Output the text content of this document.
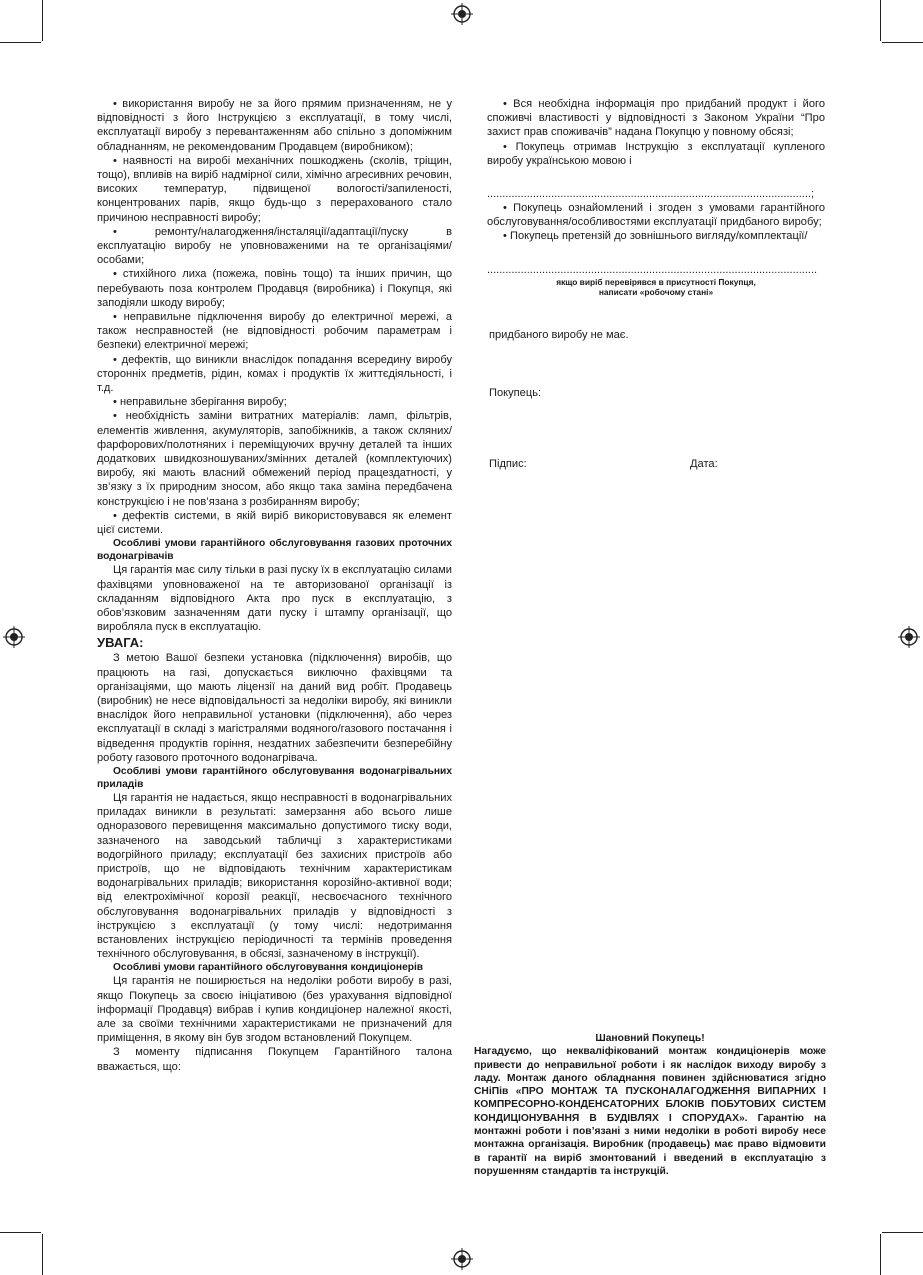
• використання виробу не за його прямим призначенням, не у відповідності з його Інструкцією з експлуатації, в тому числі, експлуатації виробу з перевантаженням або спільно з допоміжним обладнанням, не рекомендованим Продавцем (виробником);

• наявності на виробі механічних пошкоджень (сколів, тріщин, тощо), впливів на виріб надмірної сили, хімічно агресивних речовин, високих температур, підвищеної вологості/запиленості, концентрованих парів, якщо будь-що з перерахованого стало причиною несправності виробу;

• ремонту/налагодження/інсталяції/адаптації/пуску в експлуатацію виробу не уповноваженими на те організаціями/особами;

• стихійного лиха (пожежа, повінь тощо) та інших причин, що перебувають поза контролем Продавця (виробника) і Покупця, які заподіяли шкоду виробу;

• неправильне підключення виробу до електричної мережі, а також несправностей (не відповідності робочим параметрам і безпеки) електричної мережі;

• дефектів, що виникли внаслідок попадання всередину виробу сторонніх предметів, рідин, комах і продуктів їх життєдіяльності, і т.д.

• неправильне зберігання виробу;

• необхідність заміни витратних матеріалів: ламп, фільтрів, елементів живлення, акумуляторів, запобіжників, а також скляних/фарфорових/полотняних і переміщуючих вручну деталей та інших додаткових швидкозношуваних/змінних деталей (комплектуючих) виробу, які мають власний обмежений період працездатності, у зв’язку з їх природним зносом, або якщо така заміна передбачена конструкцією і не пов’язана з розбиранням виробу;

• дефектів системи, в якій виріб використовувався як елемент цієї системи.

Особливі умови гарантійного обслуговування газових проточних водонагрівачів

Ця гарантія має силу тільки в разі пуску їх в експлуатацію силами фахівцями уповноваженої на те авторизованої організації із складанням відповідного Акта про пуск в експлуатацію, з обов’язковим зазначенням дати пуску і штампу організації, що виробляла пуск в експлуатацію.

УВАГА:

З метою Вашої безпеки установка (підключення) виробів, що працюють на газі, допускається виключно фахівцями та організаціями, що мають ліцензії на даний вид робіт. Продавець (виробник) не несе відповідальності за недоліки виробу, які виникли внаслідок його неправильної установки (підключення), або через експлуатації в складі з магістралями водяного/газового постачання і відведення продуктів горіння, нездатних забезпечити безперебійну роботу газового проточного водонагрівача.

Особливі умови гарантійного обслуговування водонагрівальних приладів

Ця гарантія не надається, якщо несправності в водонагрівальних приладах виникли в результаті: замерзання або всього лише одноразового перевищення максимально допустимого тиску води, зазначеного на заводський табличці з характеристиками водогрійного приладу; експлуатації без захисних пристроїв або пристроїв, що не відповідають технічним характеристикам водонагрівальних приладів; використання корозійно-активної води; від електрохімічної корозії реакції, несвоєчасного технічного обслуговування водонагрівальних приладів у відповідності з інструкцією з експлуатації (у тому числі: недотримання встановлених інструкцією періодичності та термінів проведення технічного обслуговування, в обсязі, зазначеному в інструкції).

Особливі умови гарантійного обслуговування кондиціонерів

Ця гарантія не поширюється на недоліки роботи виробу в разі, якщо Покупець за своєю ініціативою (без урахування відповідної інформації Продавця) вибрав і купив кондиціонер належної якості, але за своїми технічними характеристиками не призначений для приміщення, в якому він був згодом встановлений Покупцем.

З моменту підписання Покупцем Гарантійного талона вважається, що:

• Вся необхідна інформація про придбаний продукт і його споживчі властивості у відповідності з Законом України “Про захист прав споживачів” надана Покупцю у повному обсязі;

• Покупець отримав Інструкцію з експлуатації купленого виробу українською мовою і

..........................................................................................................;

• Покупець ознайомлений і згоден з умовами гарантійного обслуговування/особливостями експлуатації придбаного виробу;

• Покупець претензій до зовнішнього вигляду/комплектації/

............................................................................................................

якщо виріб перевірявся в присутності Покупця,

написати «робочому стані»

придбаного виробу не має.
Покупець:
Підпис:	Дата:
Шановний Покупець!
Нагадуємо, що некваліфікований монтаж кондиціонерів може привести до неправильної роботи і як наслідок виходу виробу з ладу. Монтаж даного обладнання повинен здійснюватися згідно СНіПів «ПРО МОНТАЖ ТА ПУСКОНАЛАГОДЖЕННЯ ВИПАРНИХ І КОМПРЕСОРНО-КОНДЕНСАТОРНИХ БЛОКІВ ПОБУТОВИХ СИСТЕМ КОНДИЦІОНУВАННЯ В БУДІВЛЯХ І СПОРУДАХ». Гарантію на монтажні роботи і пов’язані з ними недоліки в роботі виробу несе монтажна організація. Виробник (продавець) має право відмовити в гарантії на виріб змонтований і введений в експлуатацію з порушенням стандартів та інструкцій.
